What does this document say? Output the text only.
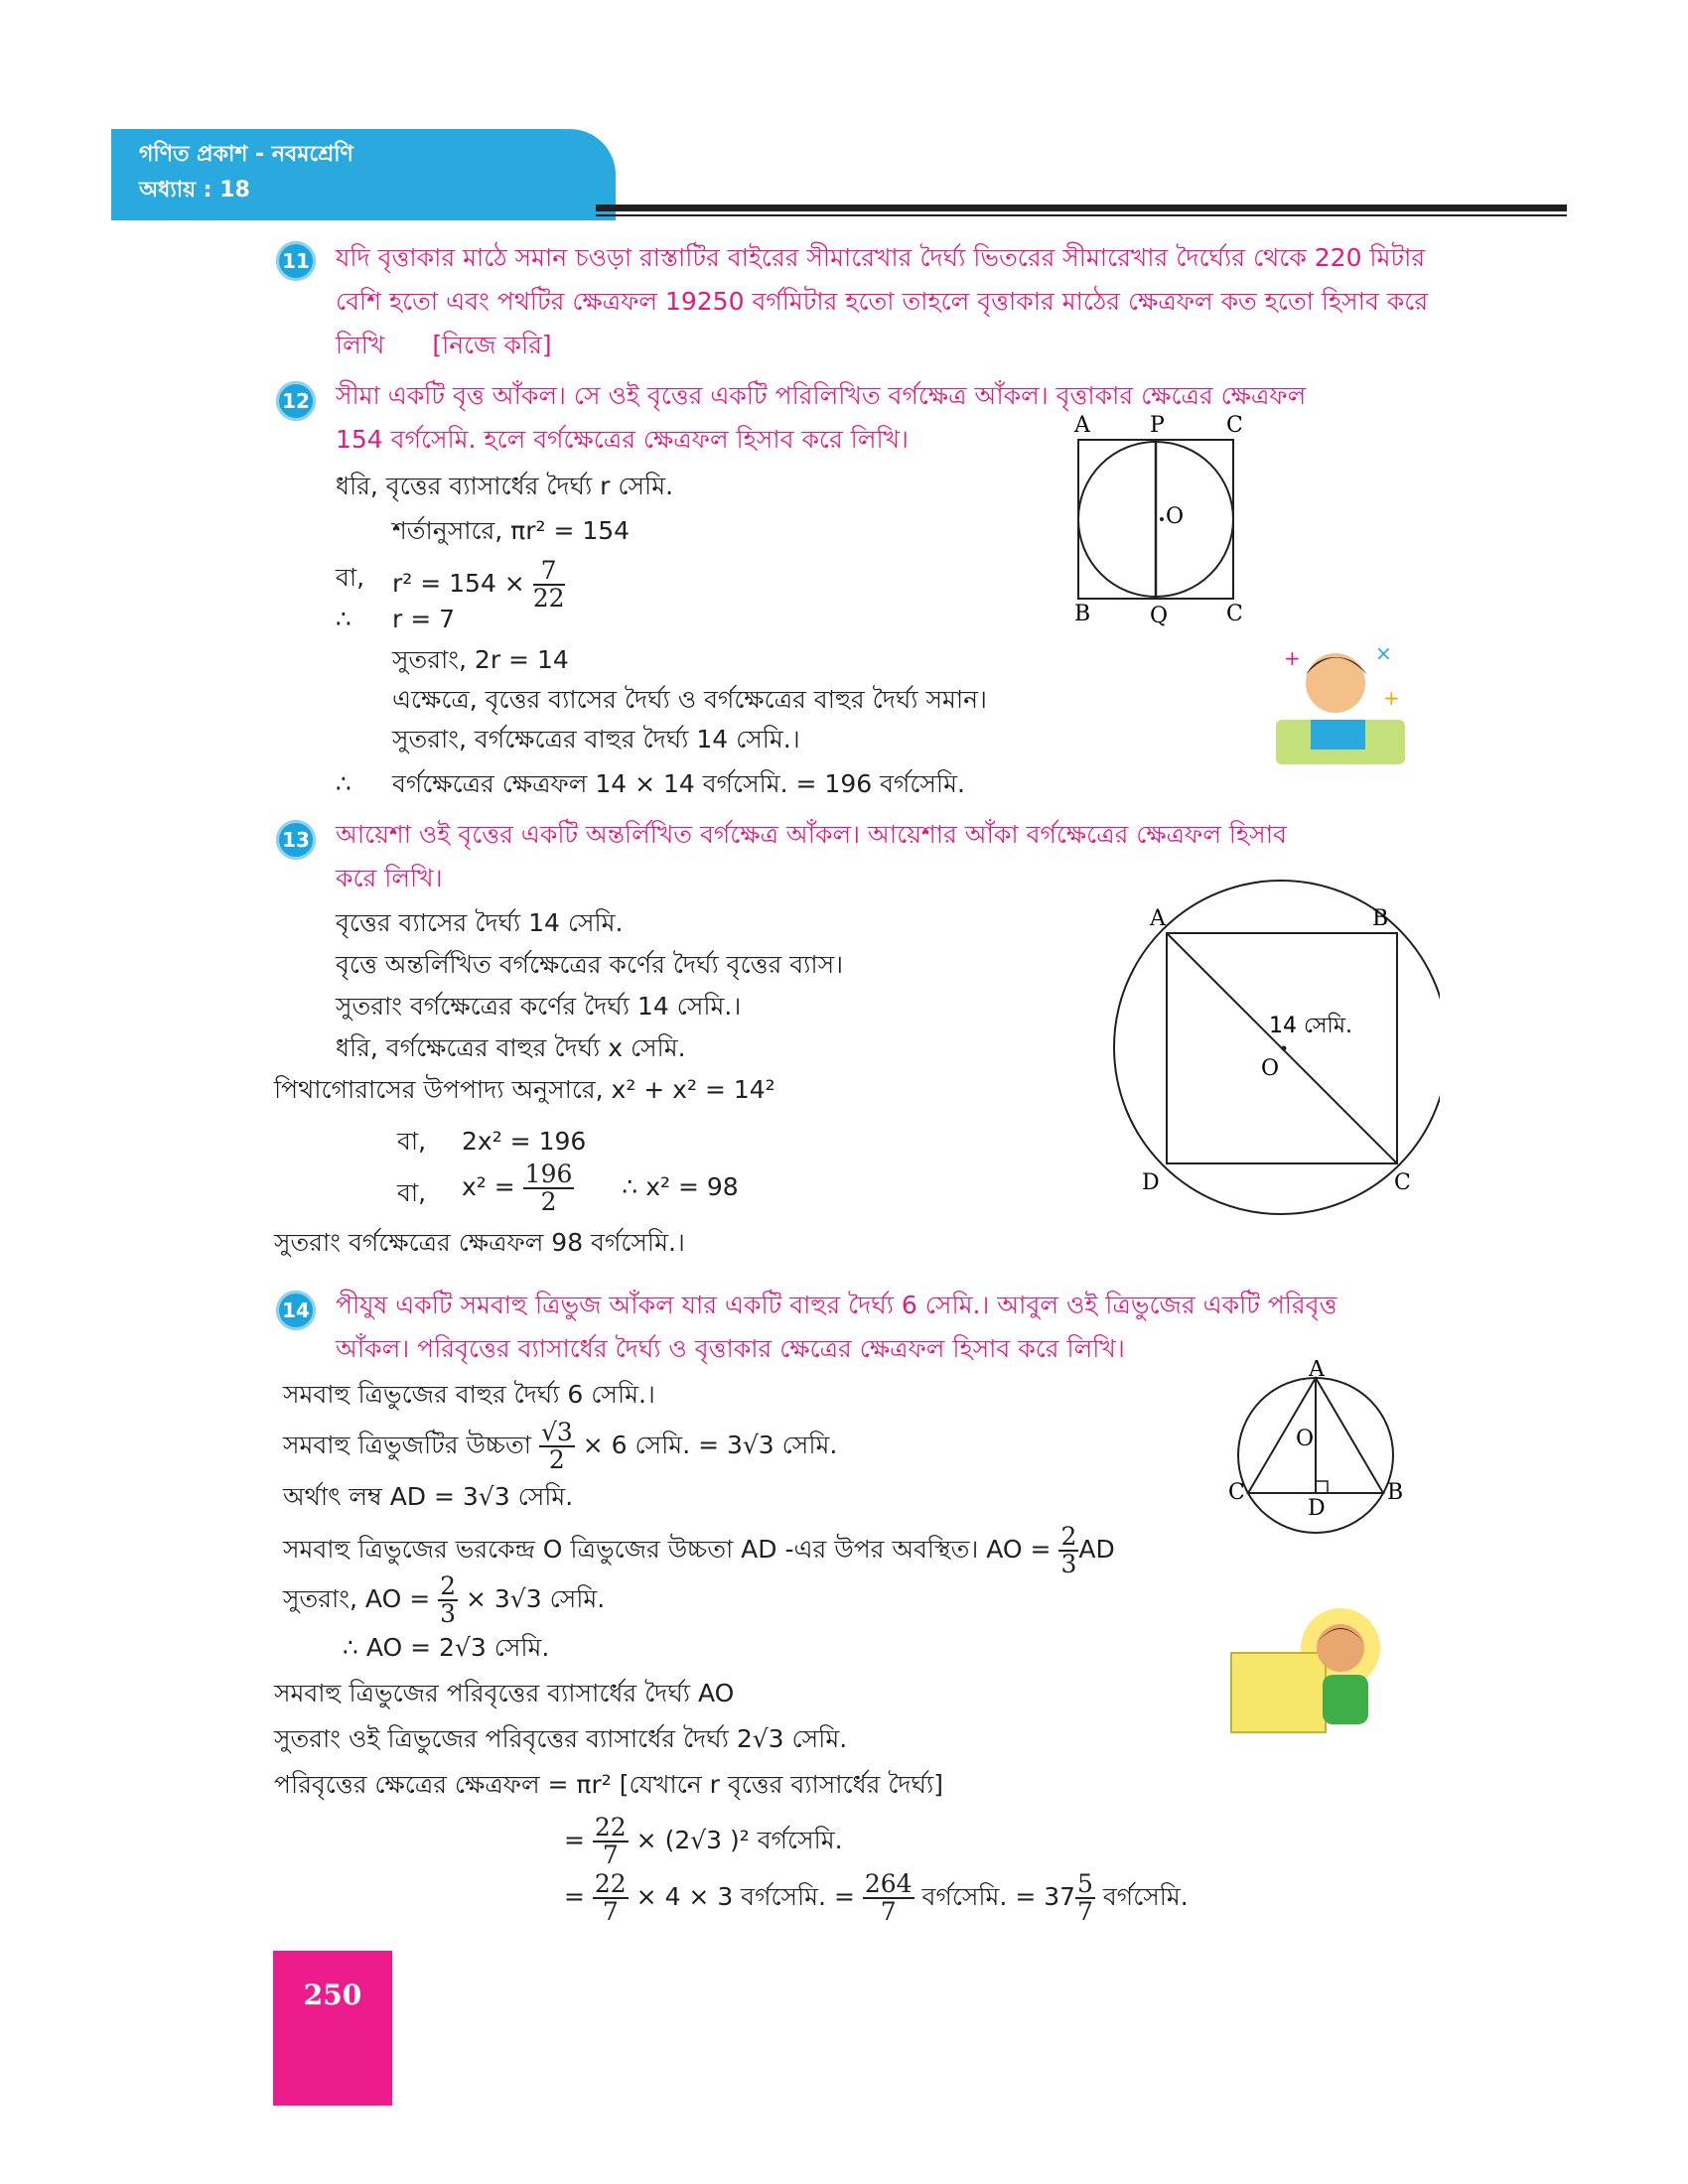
গণিত প্রকাশ - নবমশ্রেণি
অধ্যায় : 18
11 যদি বৃত্তাকার মাঠে সমান চওড়া রাস্তাটির বাইরের সীমারেখার দৈর্ঘ্য ভিতরের সীমারেখার দৈর্ঘ্যের থেকে 220 মিটার বেশি হতো এবং পথটির ক্ষেত্রফল 19250 বর্গমিটার হতো তাহলে বৃত্তাকার মাঠের ক্ষেত্রফল কত হতো হিসাব করে লিখি [নিজে করি]
12 সীমা একটি বৃত্ত আঁকল। সে ওই বৃত্তের একটি পরিলিখিত বর্গক্ষেত্র আঁকল। বৃত্তাকার ক্ষেত্রের ক্ষেত্রফল
154 বর্গসেমি. হলে বর্গক্ষেত্রের ক্ষেত্রফল হিসাব করে লিখি।
ধরি, বৃত্তের ব্যাসার্ধের দৈর্ঘ্য r সেমি.
শর্তানুসারে, πr² = 154
বা, $r^2 = 154 \times \frac{7}{22}$
∴ r = 7
সুতরাং, 2r = 14
এক্ষেত্রে, বৃত্তের ব্যাসের দৈর্ঘ্য ও বর্গক্ষেত্রের বাহুর দৈর্ঘ্য সমান।
সুতরাং, বর্গক্ষেত্রের বাহুর দৈর্ঘ্য 14 সেমি.।
∴ বর্গক্ষেত্রের ক্ষেত্রফল 14 × 14 বর্গসেমি. = 196 বর্গসেমি.
A	P	C
O
B	Q	C
+	×
+
13 আয়েশা ওই বৃত্তের একটি অন্তর্লিখিত বর্গক্ষেত্র আঁকল। আয়েশার আঁকা বর্গক্ষেত্রের ক্ষেত্রফল হিসাব
করে লিখি।
বৃত্তের ব্যাসের দৈর্ঘ্য 14 সেমি.
বৃত্তে অন্তর্লিখিত বর্গক্ষেত্রের কর্ণের দৈর্ঘ্য বৃত্তের ব্যাস।
সুতরাং বর্গক্ষেত্রের কর্ণের দৈর্ঘ্য 14 সেমি.।
ধরি, বর্গক্ষেত্রের বাহুর দৈর্ঘ্য x সেমি.
পিথাগোরাসের উপপাদ্য অনুসারে, x² + x² = 14²
বা, 2x² = 196
বা, $x^2 = \frac{196}{2}$ ∴ x² = 98
সুতরাং বর্গক্ষেত্রের ক্ষেত্রফল 98 বর্গসেমি.।
A	B
C
D
O
14 সেমি.
14 পীযুষ একটি সমবাহু ত্রিভুজ আঁকল যার একটি বাহুর দৈর্ঘ্য 6 সেমি.। আবুল ওই ত্রিভুজের একটি পরিবৃত্ত
আঁকল। পরিবৃত্তের ব্যাসার্ধের দৈর্ঘ্য ও বৃত্তাকার ক্ষেত্রের ক্ষেত্রফল হিসাব করে লিখি।
সমবাহু ত্রিভুজের বাহুর দৈর্ঘ্য 6 সেমি.।
সমবাহু ত্রিভুজটির উচ্চতা $\frac{√3}{2} \times 6$ সেমি. = 3√3 সেমি.
অর্থাৎ লম্ব AD = 3√3 সেমি.
সমবাহু ত্রিভুজের ভরকেন্দ্র O ত্রিভুজের উচ্চতা AD -এর উপর অবস্থিত। AO = $\frac{2}{3}$ AD
সুতরাং, AO = $\frac{2}{3} \times 3√3$ সেমি.
∴ AO = 2√3 সেমি.
সমবাহু ত্রিভুজের পরিবৃত্তের ব্যাসার্ধের দৈর্ঘ্য AO
সুতরাং ওই ত্রিভুজের পরিবৃত্তের ব্যাসার্ধের দৈর্ঘ্য 2√3 সেমি.
পরিবৃত্তের ক্ষেত্রের ক্ষেত্রফল = πr² [যেখানে r বৃত্তের ব্যাসার্ধের দৈর্ঘ্য]
= $\frac{22}{7} \times (2√3$ )² বর্গসেমি.
= $\frac{22}{7} \times 4 \times 3$ বর্গসেমি. = $\frac{264}{7}$ বর্গসেমি. = $37 \frac{5}{7}$ বর্গসেমি.
A
O
C
D
B
250
